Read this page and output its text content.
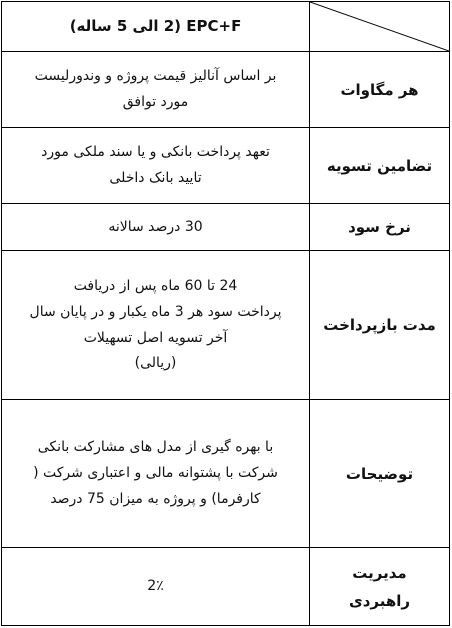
EPC+F (2 الی 5 ساله)
هر مگاوات
بر اساس آنالیز قیمت پروژه و وندورلیست
مورد توافق
تضامین تسویه
تعهد پرداخت بانکی و یا سند ملکی مورد
تایید بانک داخلی
نرخ سود
30 درصد سالانه
مدت بازپرداخت
24 تا 60 ماه پس از دریافت
پرداخت سود هر 3 ماه یکبار و در پایان سال
آخر تسویه اصل تسهیلات
(ریالی)
توضیحات
با بهره گیری از مدل های مشارکت بانکی
شرکت با پشتوانه مالی و اعتباری شرکت (
کارفرما) و پروژه به میزان 75 درصد
مدیریت
راهبردی
2٪
